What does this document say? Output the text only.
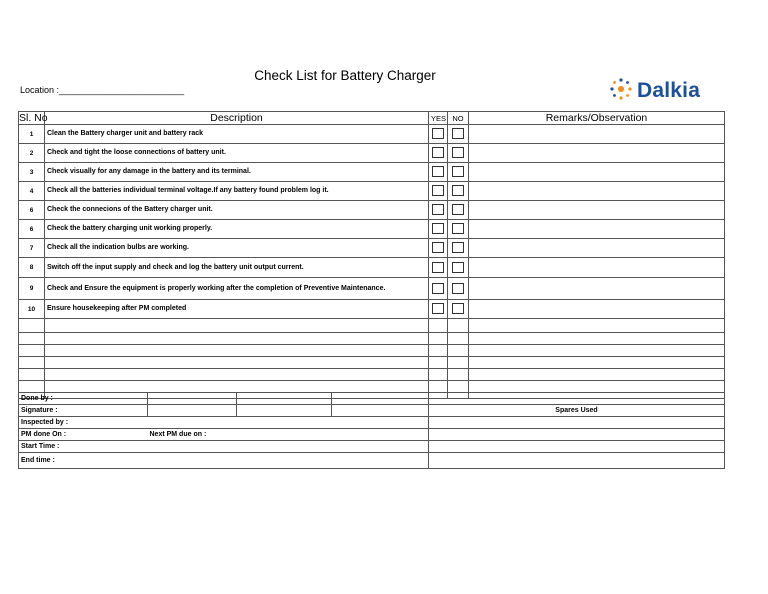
Check List for Battery Charger
Location :_________________________	Dalkia
Sl. No	Description	YES	NO	Remarks/Observation
1	Clean the Battery charger unit and battery rack			
2	Check and tight the loose connections of battery unit.			
3	Check visually for any damage in the battery and its terminal.			
4	Check all the batteries individual terminal voltage.If any battery found problem log it.			
6	Check the connecions of the Battery charger unit.			
6	Check the battery charging unit working properly.			
7	Check all the indication bulbs are working.			
8	Switch off the input supply and check and log the battery unit output current.			
9	Check and Ensure the equipment is properly working after the completion of Preventive Maintenance.			
10	Ensure housekeeping after PM completed			

Done by :				
Signature :				Spares Used
Inspected by :				
PM done On :	Next PM due on :			
Start Time :				
End time :				
